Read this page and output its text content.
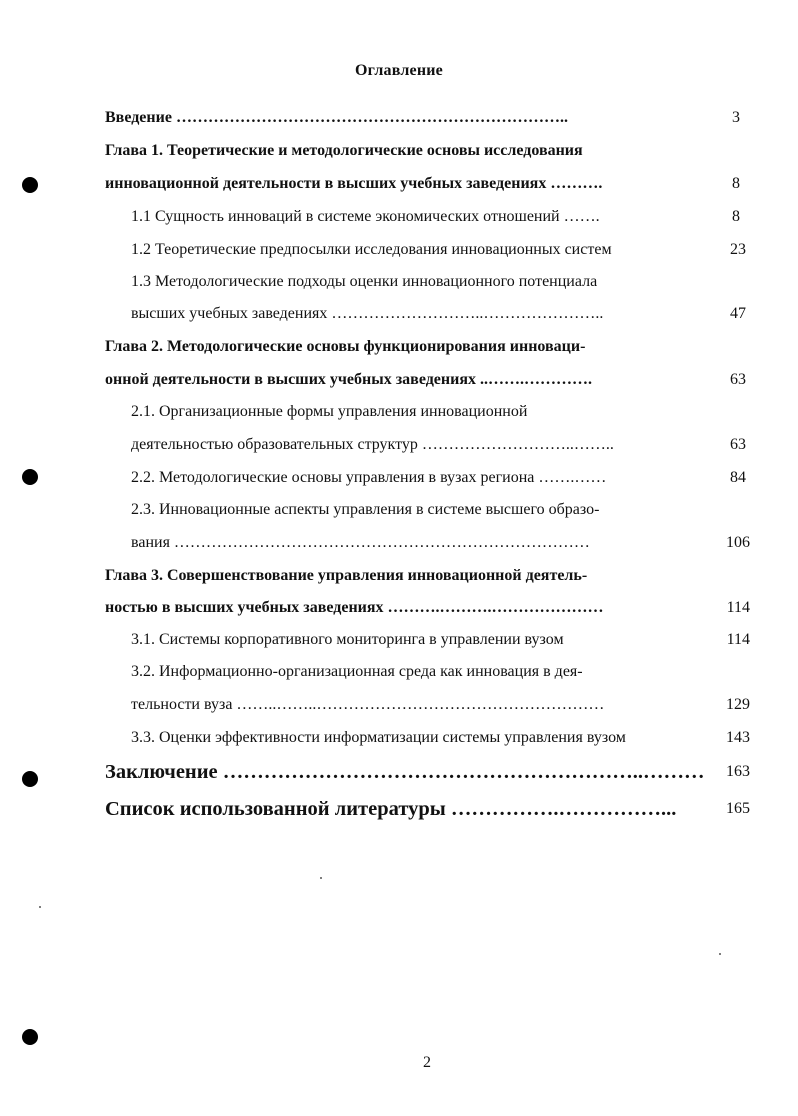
Оглавление
Введение ………………………………………………………………..	3
Глава 1. Теоретические и методологические основы исследования
инновационной деятельности в высших учебных заведениях ……….	8
1.1 Сущность инноваций в системе экономических отношений …….	8
1.2 Теоретические предпосылки исследования инновационных систем	23
1.3 Методологические подходы оценки инновационного потенциала
высших учебных заведениях ………………………..…………………..	47
Глава 2. Методологические основы функционирования инноваци-
онной деятельности в высших учебных заведениях ..…….………….	63
2.1. Организационные формы управления инновационной
деятельностью образовательных структур ………………………..……..	63
2.2. Методологические основы управления в вузах региона …….……	84
2.3. Инновационные аспекты управления в системе высшего образо-
вания ……………………………………………………………………	106
Глава 3. Совершенствование управления инновационной деятель-
ностью в высших учебных заведениях ……….……….…………………	114
3.1. Системы корпоративного мониторинга в управлении вузом	114
3.2. Информационно-организационная среда как инновация в дея-
тельности вуза ……..……..………………………………………………	129
3.3. Оценки эффективности информатизации системы управления вузом	143
Заключение ……………………………………………………..……… 163
Список использованной литературы …………….……………...	165
2
